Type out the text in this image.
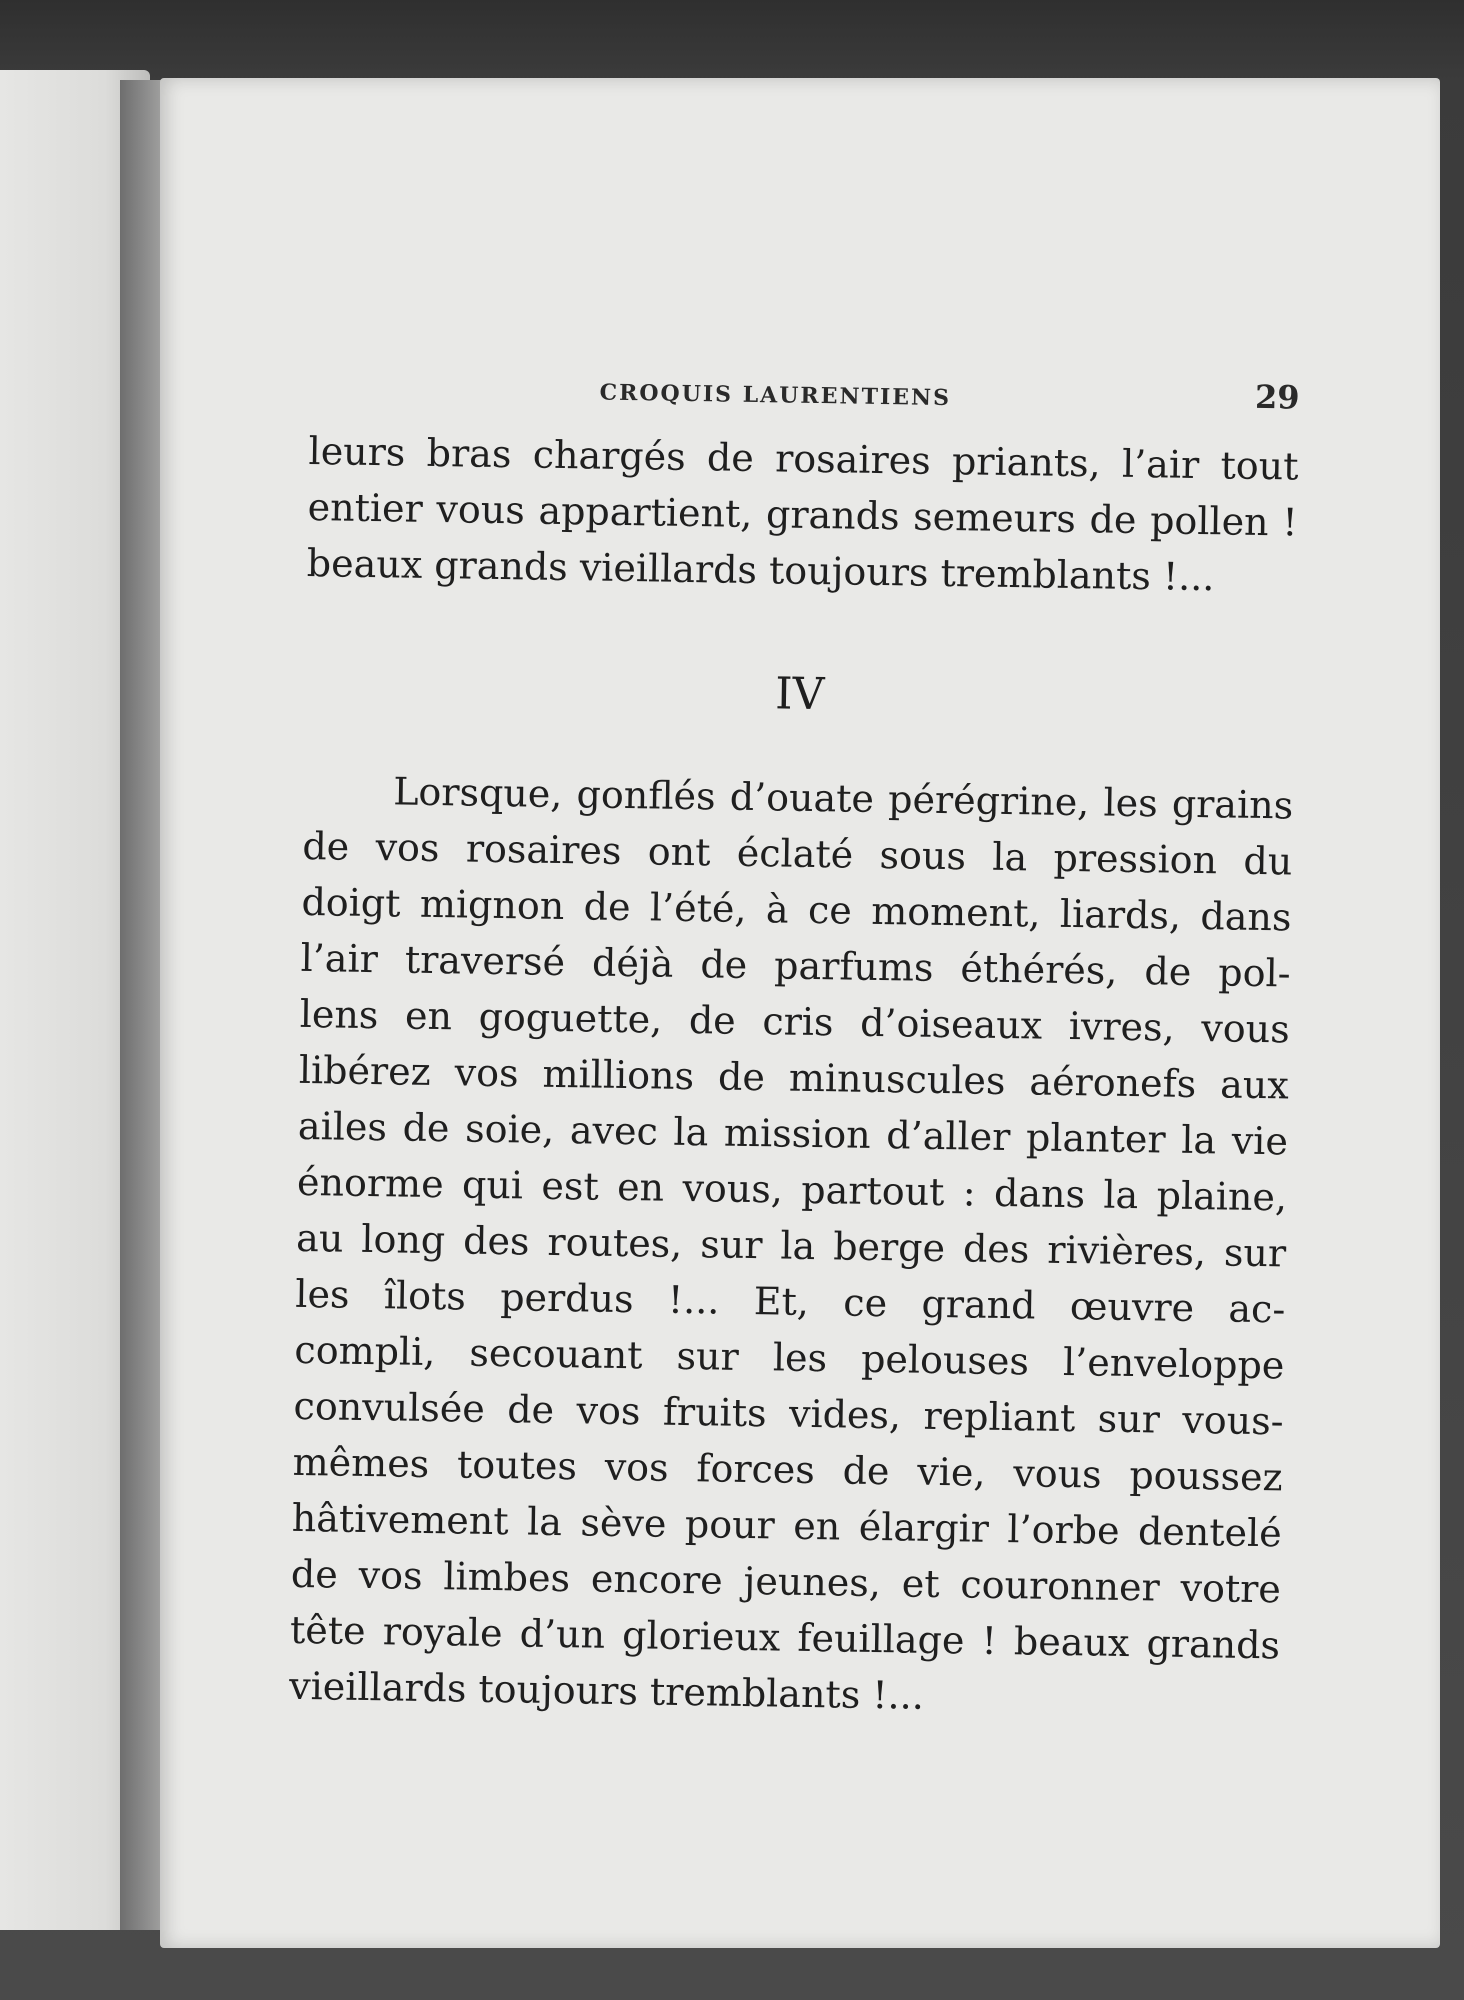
CROQUIS LAURENTIENS	29
leurs bras chargés de rosaires priants, l’air tout
entier vous appartient, grands semeurs de pollen !
beaux grands vieillards toujours tremblants !...
IV
Lorsque, gonflés d’ouate pérégrine, les grains
de vos rosaires ont éclaté sous la pression du
doigt mignon de l’été, à ce moment, liards, dans
l’air traversé déjà de parfums éthérés, de pol-
lens en goguette, de cris d’oiseaux ivres, vous
libérez vos millions de minuscules aéronefs aux
ailes de soie, avec la mission d’aller planter la vie
énorme qui est en vous, partout : dans la plaine,
au long des routes, sur la berge des rivières, sur
les îlots perdus !... Et, ce grand œuvre ac-
compli, secouant sur les pelouses l’enveloppe
convulsée de vos fruits vides, repliant sur vous-
mêmes toutes vos forces de vie, vous poussez
hâtivement la sève pour en élargir l’orbe dentelé
de vos limbes encore jeunes, et couronner votre
tête royale d’un glorieux feuillage ! beaux grands
vieillards toujours tremblants !...
